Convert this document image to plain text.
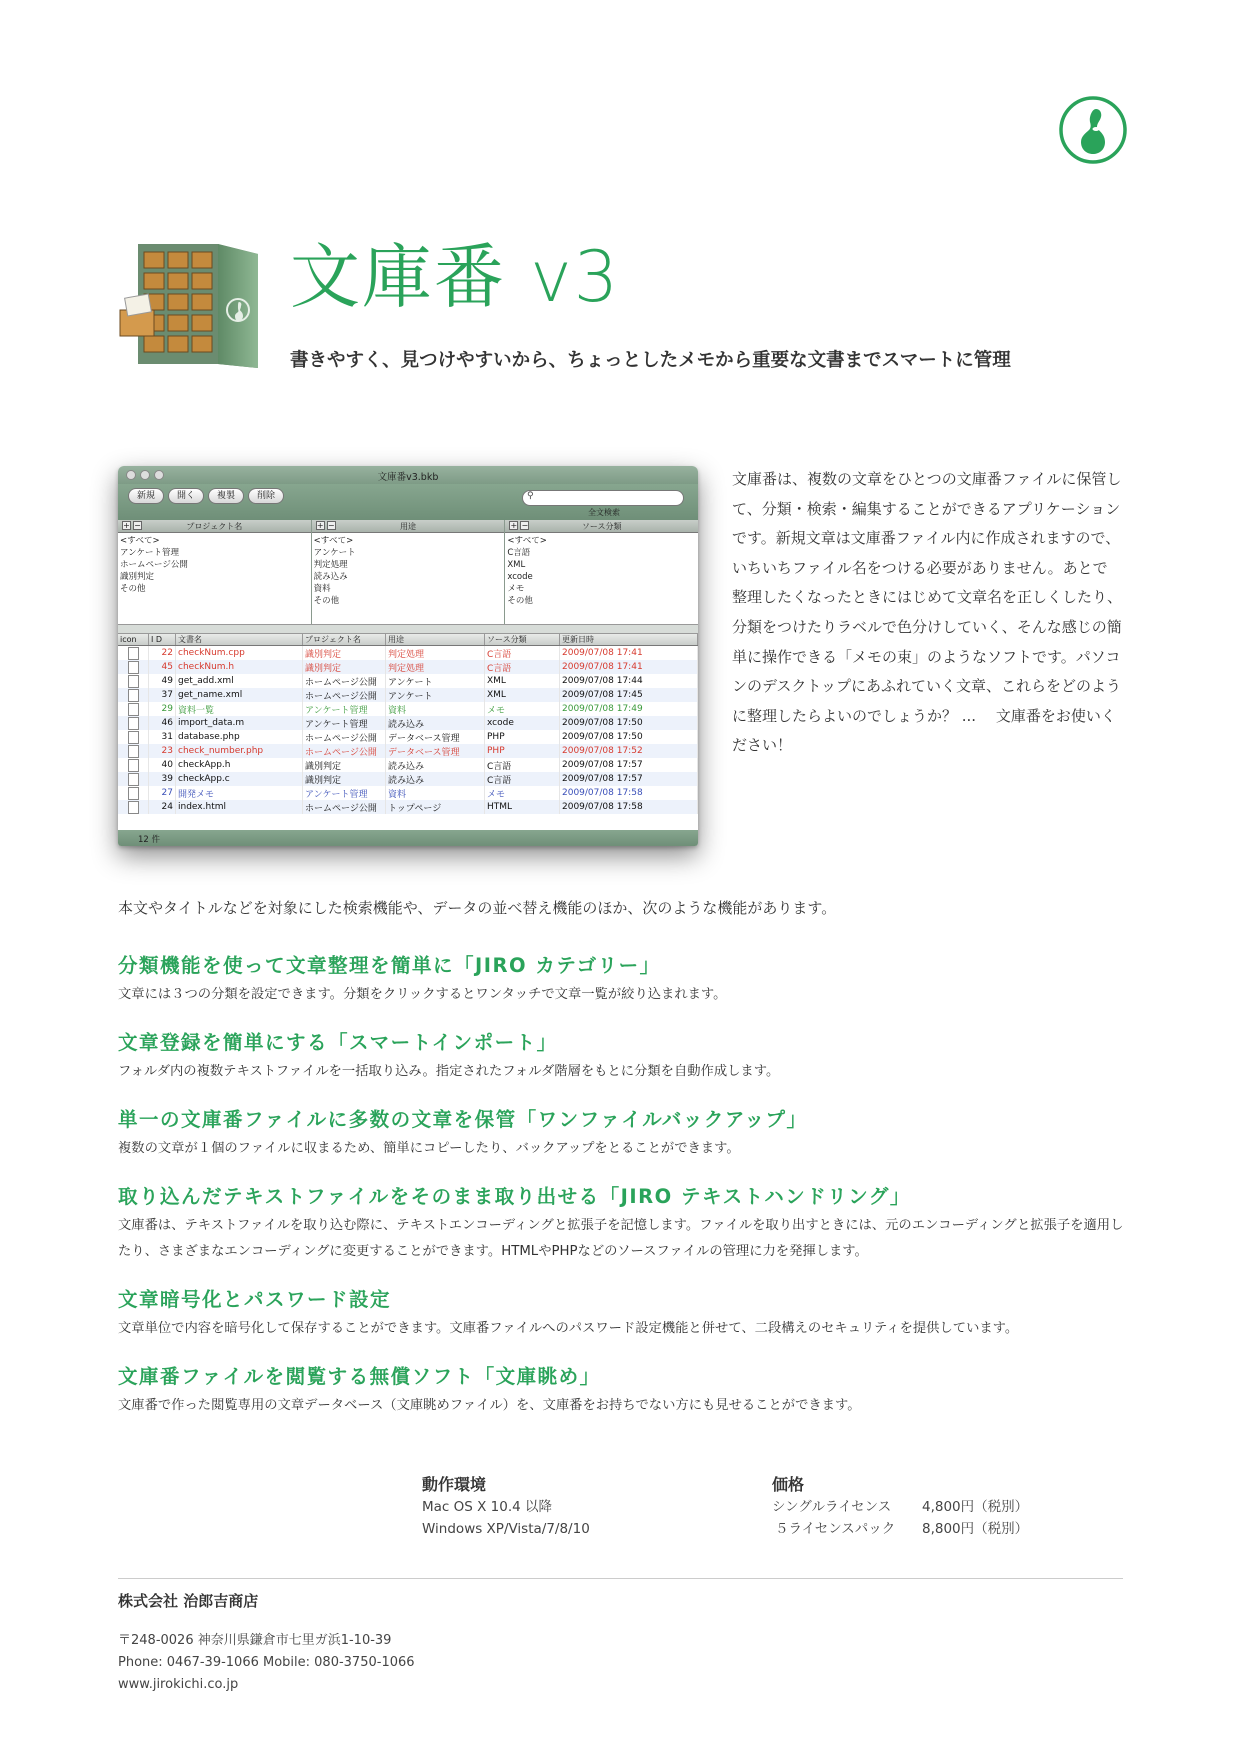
文庫番 v3
書きやすく、見つけやすいから、ちょっとしたメモから重要な文書までスマートに管理
文庫番v3.bkb
新規	開く	複製	削除	⚲
全文検索
+ −	プロジェクト名
<すべて>
アンケート管理
ホームページ公開
識別判定
その他
+ −	用途
<すべて>
アンケート
判定処理
読み込み
資料
その他
+ −	ソース分類
<すべて>
C言語
XML
xcode
メモ
その他
icon	I D	文書名	プロジェクト名	用途	ソース分類	更新日時
	22	checkNum.cpp	識別判定	判定処理	C言語	2009/07/08 17:41
	45	checkNum.h	識別判定	判定処理	C言語	2009/07/08 17:41
	49	get_add.xml	ホームページ公開	アンケート	XML	2009/07/08 17:44
	37	get_name.xml	ホームページ公開	アンケート	XML	2009/07/08 17:45
	29	資料一覧	アンケート管理	資料	メモ	2009/07/08 17:49
	46	import_data.m	アンケート管理	読み込み	xcode	2009/07/08 17:50
	31	database.php	ホームページ公開	データベース管理	PHP	2009/07/08 17:50
	23	check_number.php	ホームページ公開	データベース管理	PHP	2009/07/08 17:52
	40	checkApp.h	識別判定	読み込み	C言語	2009/07/08 17:57
	39	checkApp.c	識別判定	読み込み	C言語	2009/07/08 17:57
	27	開発メモ	アンケート管理	資料	メモ	2009/07/08 17:58
	24	index.html	ホームページ公開	トップページ	HTML	2009/07/08 17:58
12 件
文庫番は、複数の文章をひとつの文庫番ファイルに保管して、分類・検索・編集することができるアプリケーションです。新規文章は文庫番ファイル内に作成されますので、いちいちファイル名をつける必要がありません。あとで整理したくなったときにはじめて文章名を正しくしたり、分類をつけたりラベルで色分けしていく、そんな感じの簡単に操作できる「メモの束」のようなソフトです。パソコンのデスクトップにあふれていく文章、これらをどのように整理したらよいのでしょうか？ ...　 文庫番をお使いください！
本文やタイトルなどを対象にした検索機能や、データの並べ替え機能のほか、次のような機能があります。
分類機能を使って文章整理を簡単に「JIRO カテゴリー」
文章には３つの分類を設定できます。分類をクリックするとワンタッチで文章一覧が絞り込まれます。
文章登録を簡単にする「スマートインポート」
フォルダ内の複数テキストファイルを一括取り込み。指定されたフォルダ階層をもとに分類を自動作成します。
単一の文庫番ファイルに多数の文章を保管「ワンファイルバックアップ」
複数の文章が１個のファイルに収まるため、簡単にコピーしたり、バックアップをとることができます。
取り込んだテキストファイルをそのまま取り出せる「JIRO テキストハンドリング」
文庫番は、テキストファイルを取り込む際に、テキストエンコーディングと拡張子を記憶します。ファイルを取り出すときには、元のエンコーディングと拡張子を適用したり、さまざまなエンコーディングに変更することができます。HTMLやPHPなどのソースファイルの管理に力を発揮します。
文章暗号化とパスワード設定
文章単位で内容を暗号化して保存することができます。文庫番ファイルへのパスワード設定機能と併せて、二段構えのセキュリティを提供しています。
文庫番ファイルを閲覧する無償ソフト「文庫眺め」
文庫番で作った閲覧専用の文章データベース（文庫眺めファイル）を、文庫番をお持ちでない方にも見せることができます。
動作環境
Mac OS X 10.4 以降
Windows XP/Vista/7/8/10
価格
シングルライセンス 4,800円（税別）
５ライセンスパック 8,800円（税別）
株式会社 治郎吉商店
〒248-0026 神奈川県鎌倉市七里ガ浜1-10-39
Phone: 0467-39-1066 Mobile: 080-3750-1066
www.jirokichi.co.jp
